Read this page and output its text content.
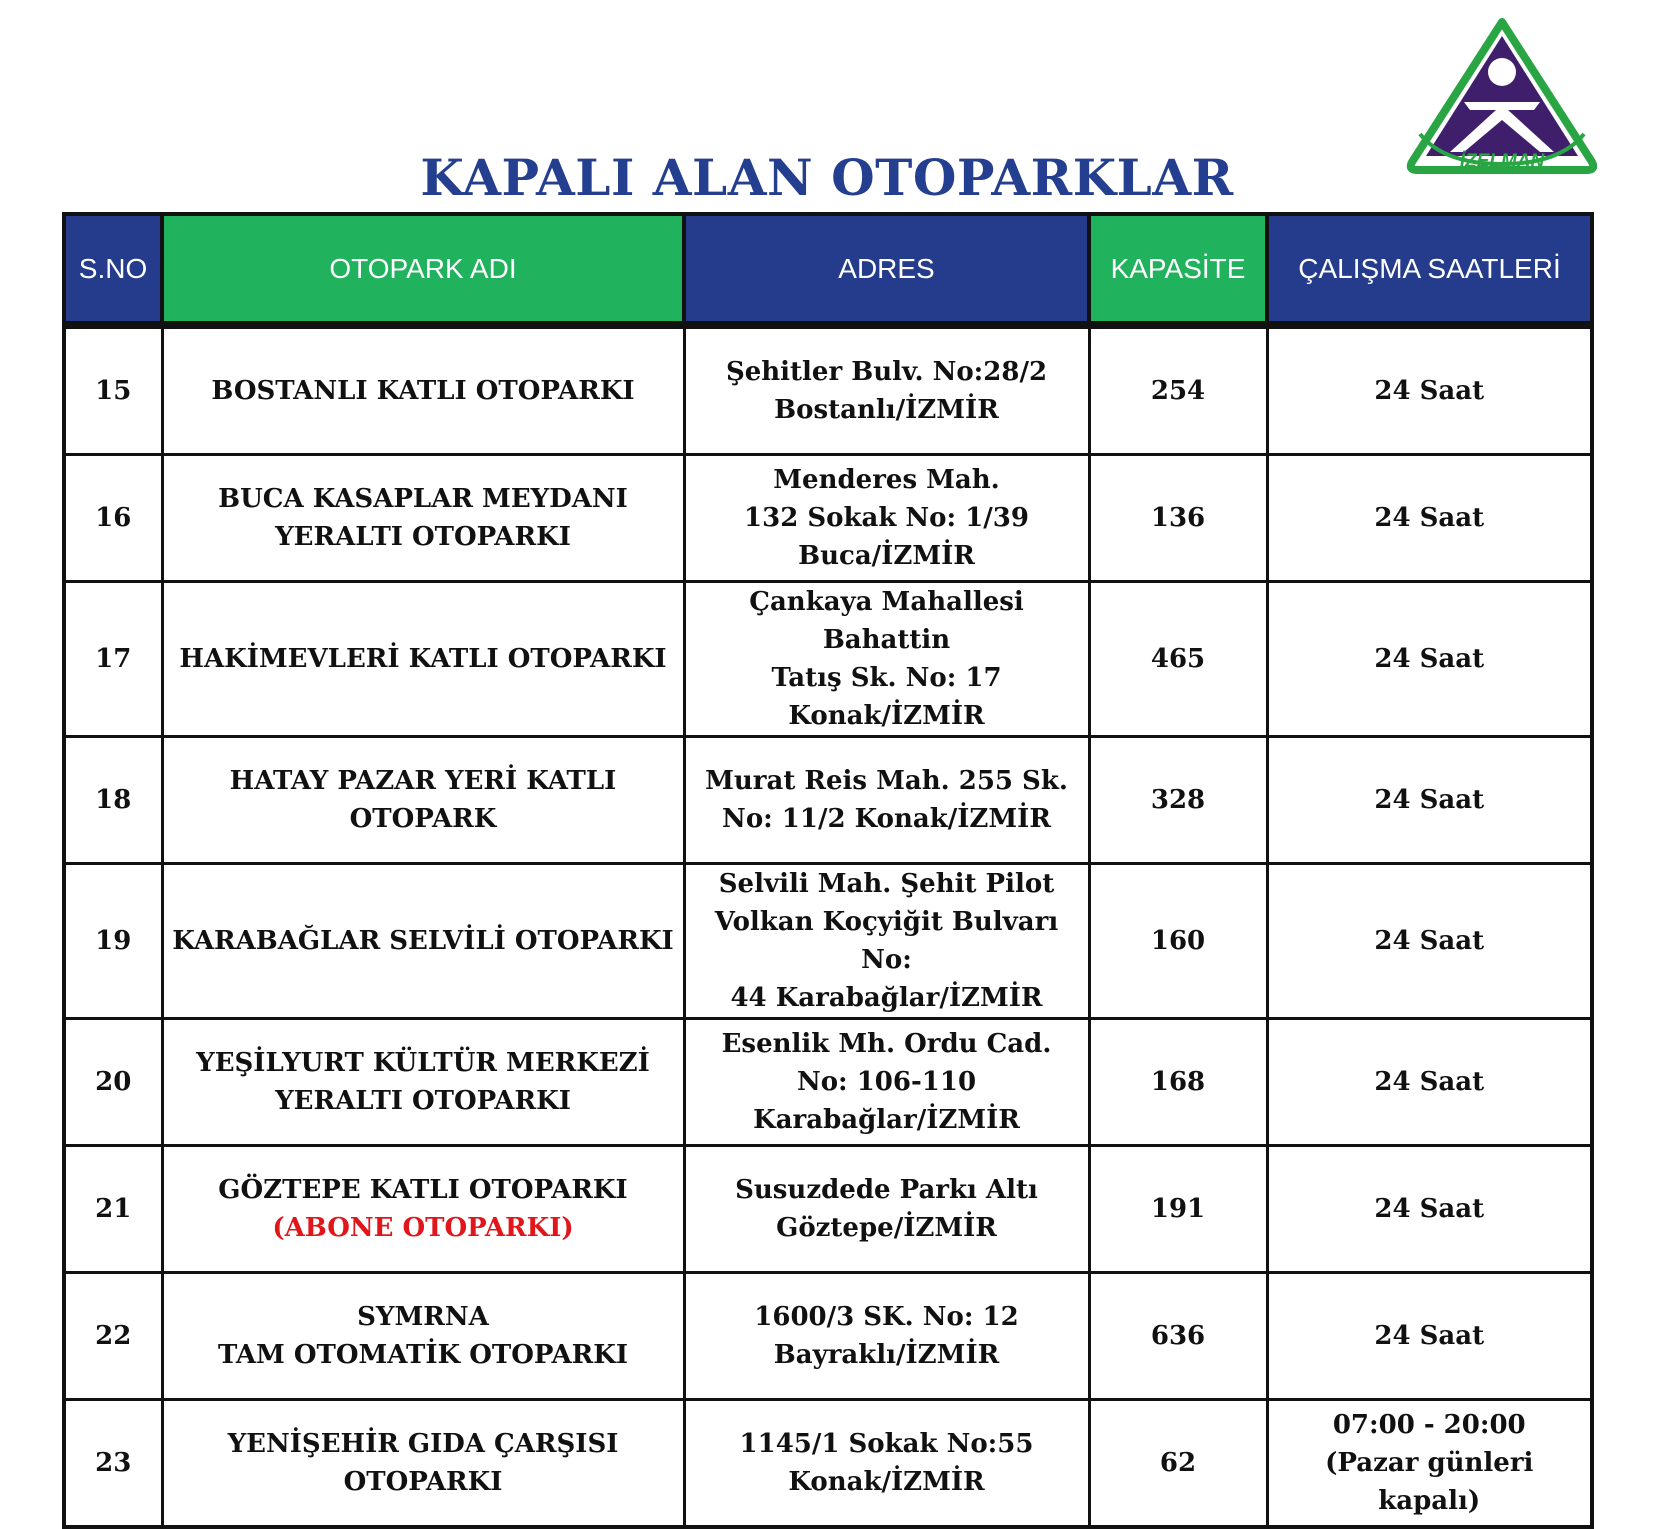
İZELMAN
KAPALI ALAN OTOPARKLAR
S.NO	OTOPARK ADI	ADRES	KAPASİTE	ÇALIŞMA SAATLERİ
15	BOSTANLI KATLI OTOPARKI	Şehitler Bulv. No:28/2
Bostanlı/İZMİR	254	24 Saat

16	BUCA KASAPLAR MEYDANI
YERALTI OTOPARKI	Menderes Mah.
132 Sokak No: 1/39
Buca/İZMİR	136	24 Saat

17	HAKİMEVLERİ KATLI OTOPARKI	Çankaya Mahallesi Bahattin
Tatış Sk. No: 17
Konak/İZMİR	465	24 Saat

18	HATAY PAZAR YERİ KATLI
OTOPARK	Murat Reis Mah. 255 Sk.
No: 11/2 Konak/İZMİR	328	24 Saat

19	KARABAĞLAR SELVİLİ OTOPARKI	Selvili Mah. Şehit Pilot
Volkan Koçyiğit Bulvarı No:
44 Karabağlar/İZMİR	160	24 Saat

20	YEŞİLYURT KÜLTÜR MERKEZİ
YERALTI OTOPARKI	Esenlik Mh. Ordu Cad.
No: 106-110
Karabağlar/İZMİR	168	24 Saat

21	GÖZTEPE KATLI OTOPARKI
(ABONE OTOPARKI)	Susuzdede Parkı Altı
Göztepe/İZMİR	191	24 Saat

22	SYMRNA
TAM OTOMATİK OTOPARKI	1600/3 SK. No: 12
Bayraklı/İZMİR	636	24 Saat

23	YENİŞEHİR GIDA ÇARŞISI
OTOPARKI	1145/1 Sokak No:55
Konak/İZMİR	62	07:00 - 20:00
(Pazar günleri kapalı)
